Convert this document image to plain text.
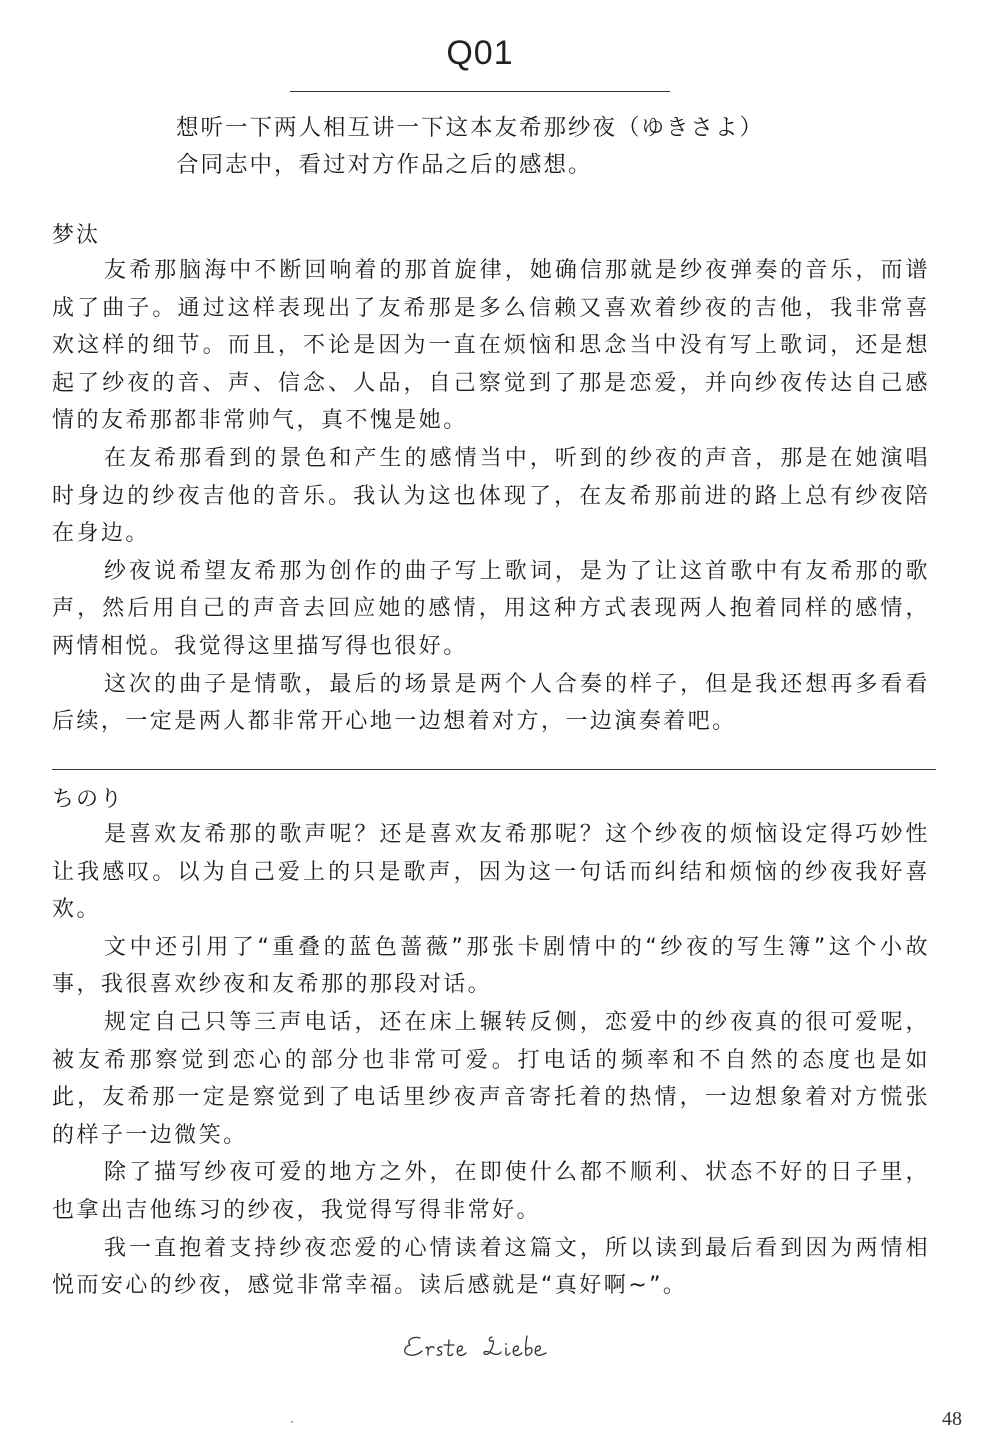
Q01

想听一下两人相互讲一下这本友希那纱夜（ゆきさよ）

合同志中，看过对方作品之后的感想。

梦汰

友希那脑海中不断回响着的那首旋律，她确信那就是纱夜弹奏的音乐，而谱成了曲子。通过这样表现出了友希那是多么信赖又喜欢着纱夜的吉他，我非常喜欢这样的细节。而且，不论是因为一直在烦恼和思念当中没有写上歌词，还是想起了纱夜的音、声、信念、人品，自己察觉到了那是恋爱，并向纱夜传达自己感情的友希那都非常帅气，真不愧是她。

在友希那看到的景色和产生的感情当中，听到的纱夜的声音，那是在她演唱时身边的纱夜吉他的音乐。我认为这也体现了，在友希那前进的路上总有纱夜陪在身边。

纱夜说希望友希那为创作的曲子写上歌词，是为了让这首歌中有友希那的歌声，然后用自己的声音去回应她的感情，用这种方式表现两人抱着同样的感情，两情相悦。我觉得这里描写得也很好。

这次的曲子是情歌，最后的场景是两个人合奏的样子，但是我还想再多看看后续，一定是两人都非常开心地一边想着对方，一边演奏着吧。

ちのり

是喜欢友希那的歌声呢？还是喜欢友希那呢？这个纱夜的烦恼设定得巧妙性让我感叹。以为自己爱上的只是歌声，因为这一句话而纠结和烦恼的纱夜我好喜欢。

文中还引用了“重叠的蓝色蔷薇”那张卡剧情中的“纱夜的写生簿”这个小故事，我很喜欢纱夜和友希那的那段对话。

规定自己只等三声电话，还在床上辗转反侧，恋爱中的纱夜真的很可爱呢，被友希那察觉到恋心的部分也非常可爱。打电话的频率和不自然的态度也是如此，友希那一定是察觉到了电话里纱夜声音寄托着的热情，一边想象着对方慌张的样子一边微笑。

除了描写纱夜可爱的地方之外，在即使什么都不顺利、状态不好的日子里，也拿出吉他练习的纱夜，我觉得写得非常好。

我一直抱着支持纱夜恋爱的心情读着这篇文，所以读到最后看到因为两情相悦而安心的纱夜，感觉非常幸福。读后感就是“真好啊~”。

48
